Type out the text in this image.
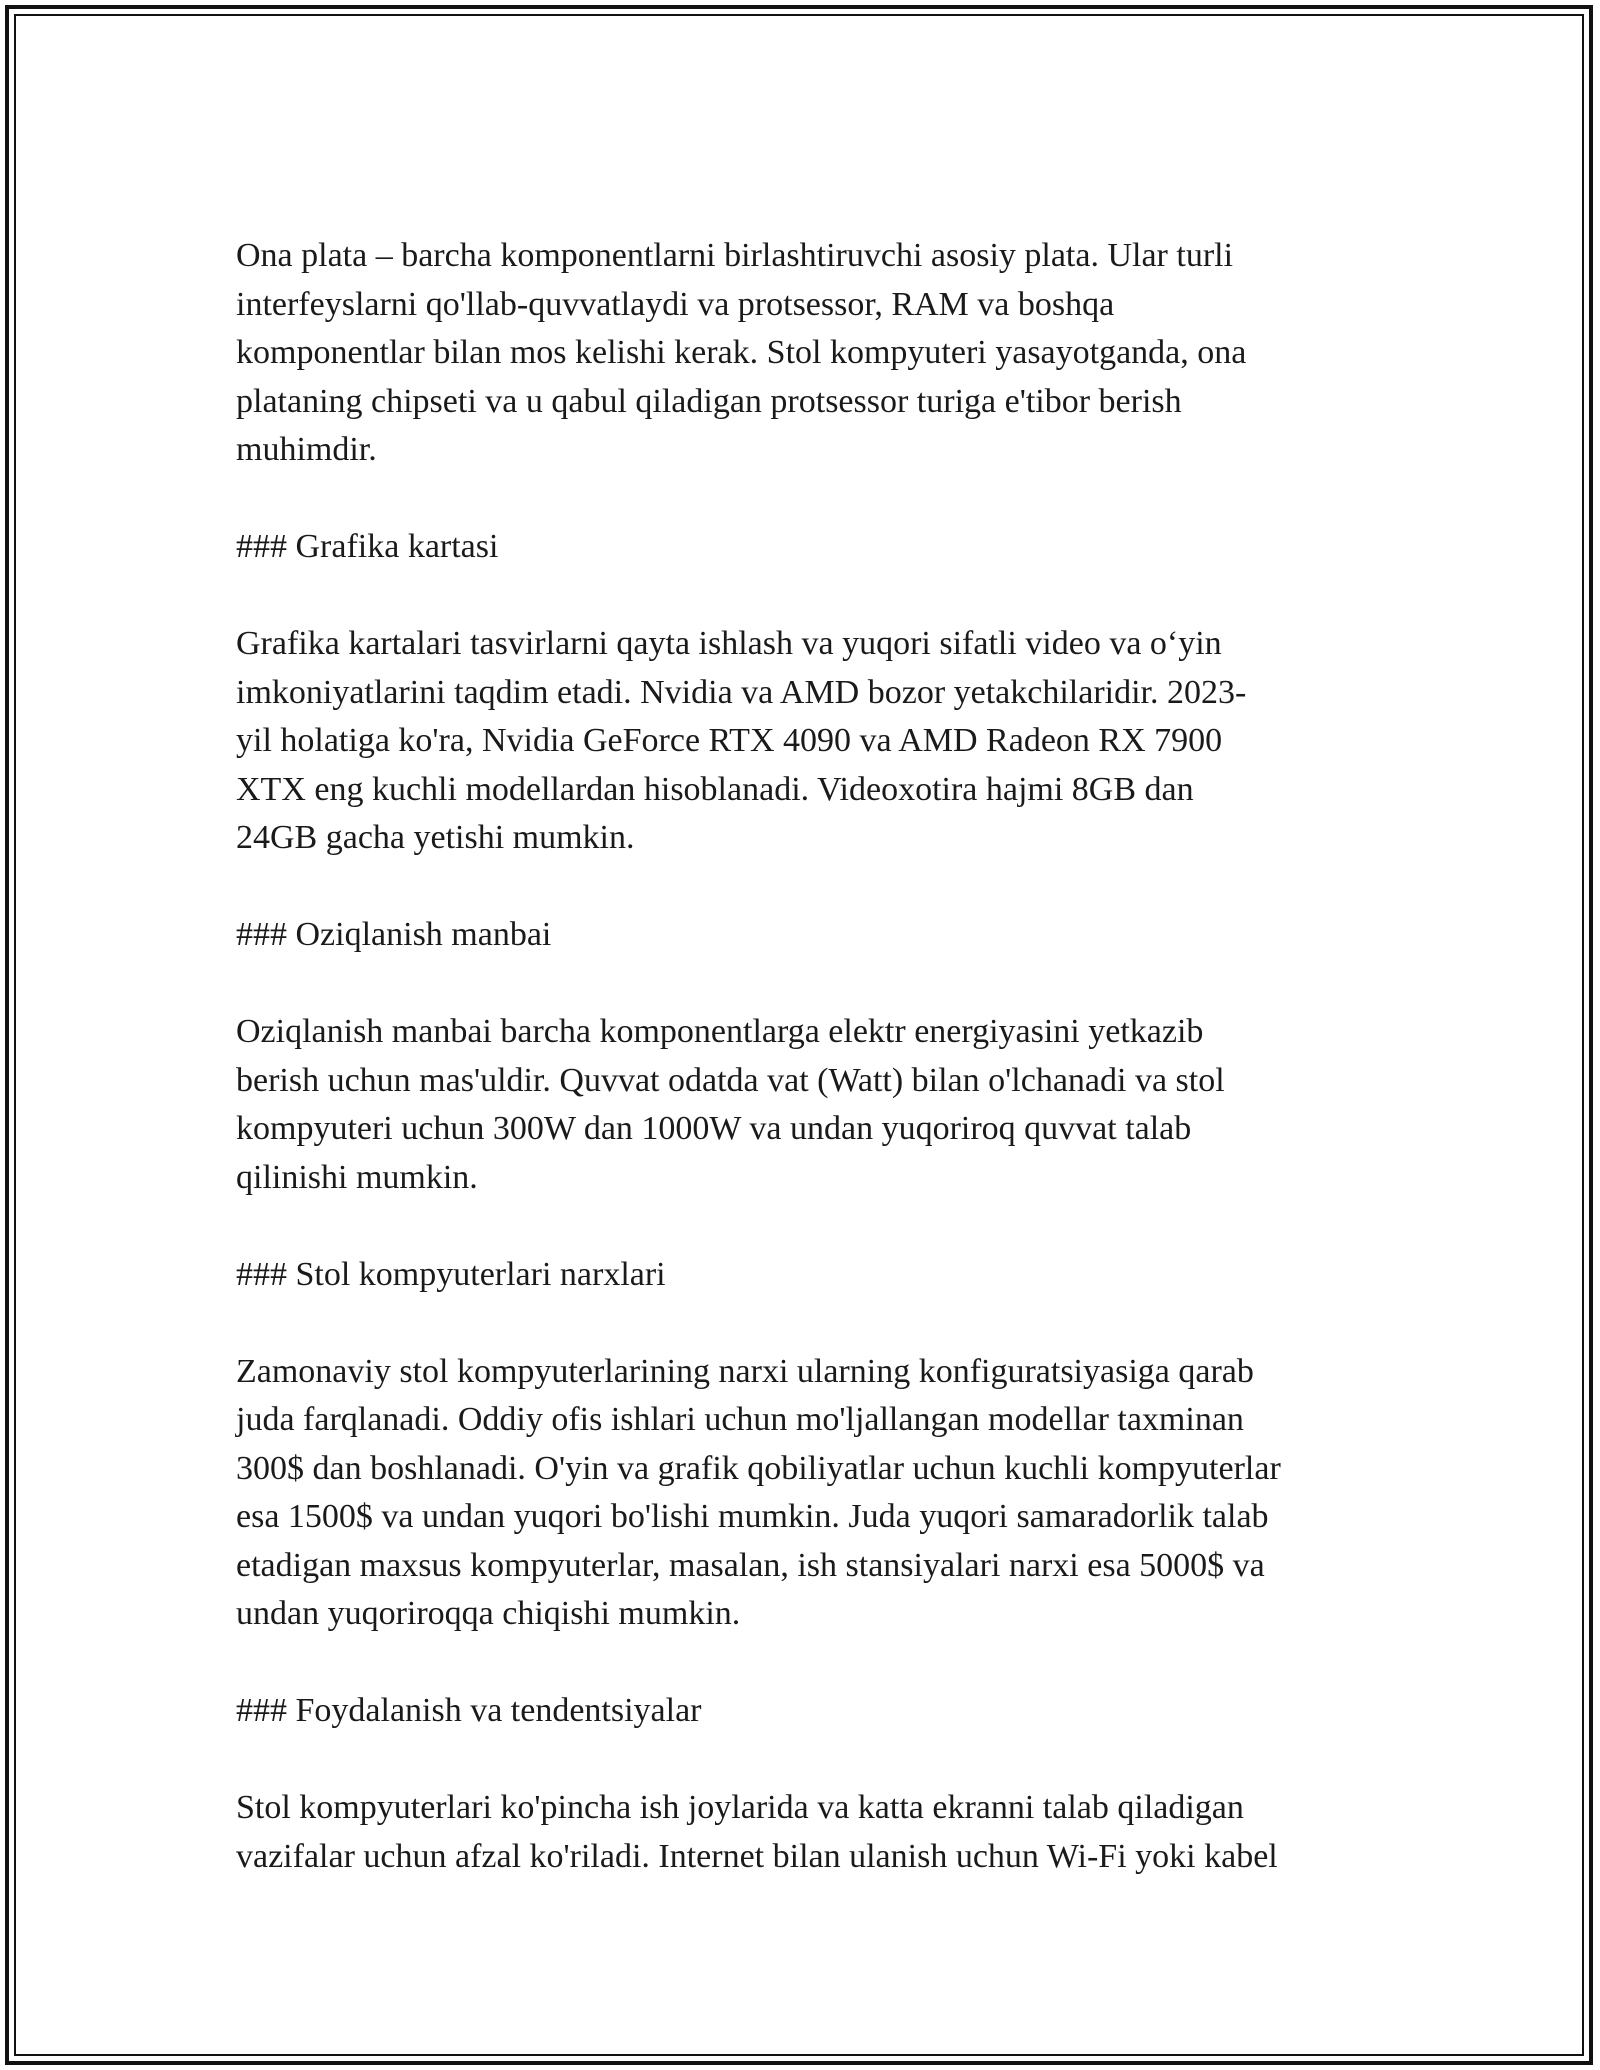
Ona plata – barcha komponentlarni birlashtiruvchi asosiy plata. Ular turli
interfeyslarni qo'llab-quvvatlaydi va protsessor, RAM va boshqa
komponentlar bilan mos kelishi kerak. Stol kompyuteri yasayotganda, ona
plataning chipseti va u qabul qiladigan protsessor turiga e'tibor berish
muhimdir.

### Grafika kartasi

Grafika kartalari tasvirlarni qayta ishlash va yuqori sifatli video va o‘yin
imkoniyatlarini taqdim etadi. Nvidia va AMD bozor yetakchilaridir. 2023-
yil holatiga ko'ra, Nvidia GeForce RTX 4090 va AMD Radeon RX 7900
XTX eng kuchli modellardan hisoblanadi. Videoxotira hajmi 8GB dan
24GB gacha yetishi mumkin.

### Oziqlanish manbai

Oziqlanish manbai barcha komponentlarga elektr energiyasini yetkazib
berish uchun mas'uldir. Quvvat odatda vat (Watt) bilan o'lchanadi va stol
kompyuteri uchun 300W dan 1000W va undan yuqoriroq quvvat talab
qilinishi mumkin.

### Stol kompyuterlari narxlari

Zamonaviy stol kompyuterlarining narxi ularning konfiguratsiyasiga qarab
juda farqlanadi. Oddiy ofis ishlari uchun mo'ljallangan modellar taxminan
300$ dan boshlanadi. O'yin va grafik qobiliyatlar uchun kuchli kompyuterlar
esa 1500$ va undan yuqori bo'lishi mumkin. Juda yuqori samaradorlik talab
etadigan maxsus kompyuterlar, masalan, ish stansiyalari narxi esa 5000$ va
undan yuqoriroqqa chiqishi mumkin.

### Foydalanish va tendentsiyalar

Stol kompyuterlari ko'pincha ish joylarida va katta ekranni talab qiladigan
vazifalar uchun afzal ko'riladi. Internet bilan ulanish uchun Wi-Fi yoki kabel
